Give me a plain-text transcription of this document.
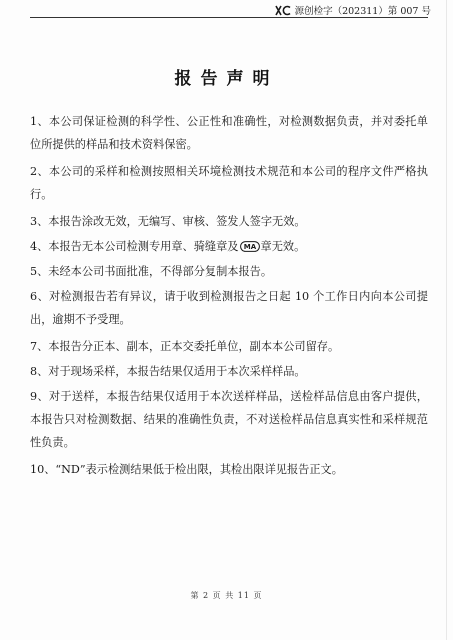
源创检字（202311）第 007 号
报告声明

1、本公司保证检测的科学性、公正性和准确性，对检测数据负责，并对委托单位所提供的样品和技术资料保密。

2、本公司的采样和检测按照相关环境检测技术规范和本公司的程序文件严格执行。

3、本报告涂改无效，无编写、审核、签发人签字无效。

4、本报告无本公司检测专用章、骑缝章及 MA 章无效。

5、未经本公司书面批准，不得部分复制本报告。

6、对检测报告若有异议，请于收到检测报告之日起 10 个工作日内向本公司提出，逾期不予受理。

7、本报告分正本、副本，正本交委托单位，副本本公司留存。

8、对于现场采样，本报告结果仅适用于本次采样样品。

9、对于送样，本报告结果仅适用于本次送样样品，送检样品信息由客户提供，本报告只对检测数据、结果的准确性负责，不对送检样品信息真实性和采样规范性负责。

10、“ND”表示检测结果低于检出限，其检出限详见报告正文。

第 2 页 共 11 页
